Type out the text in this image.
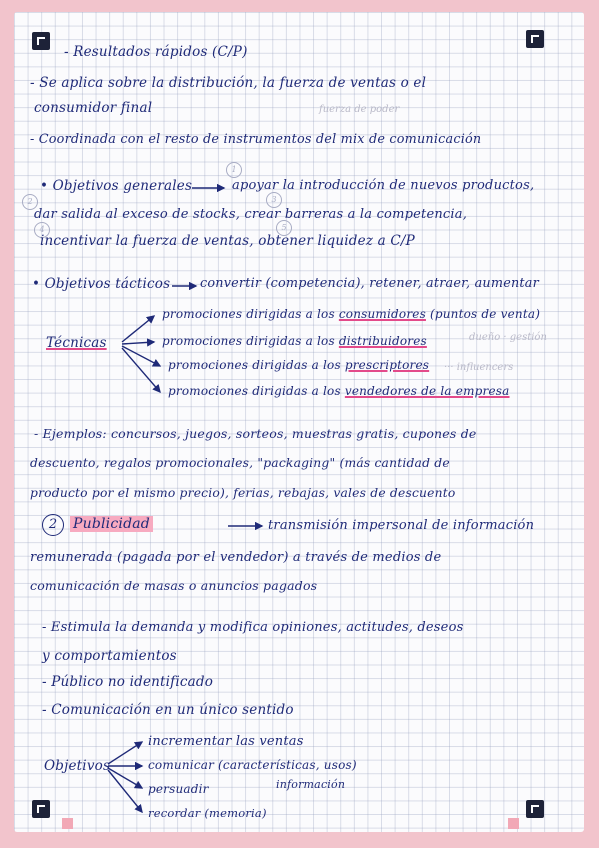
- Resultados rápidos (C/P)
- Se aplica sobre la distribución, la fuerza de ventas o el
consumidor final	fuerza de poder
- Coordinada con el resto de instrumentos del mix de comunicación
• Objetivos generales	apoyar la introducción de nuevos productos,
1
2
dar salida al exceso de stocks, crear barreras a la competencia,
3
4
incentivar la fuerza de ventas, obtener liquidez a C/P
5
• Objetivos tácticos convertir (competencia), retener, atraer, aumentar
Técnicas
promociones dirigidas a los consumidores (puntos de venta)
promociones dirigidas a los distribuidores	dueño · gestión
promociones dirigidas a los prescriptores ··· influencers
promociones dirigidas a los vendedores de la empresa
- Ejemplos: concursos, juegos, sorteos, muestras gratis, cupones de
descuento, regalos promocionales, "packaging" (más cantidad de
producto por el mismo precio), ferias, rebajas, vales de descuento
2	Publicidad	transmisión impersonal de información
remunerada (pagada por el vendedor) a través de medios de
comunicación de masas o anuncios pagados
- Estimula la demanda y modifica opiniones, actitudes, deseos
y comportamientos
- Público no identificado
- Comunicación en un único sentido
Objetivos
incrementar las ventas
comunicar (características, usos)
persuadir	información
recordar (memoria)
